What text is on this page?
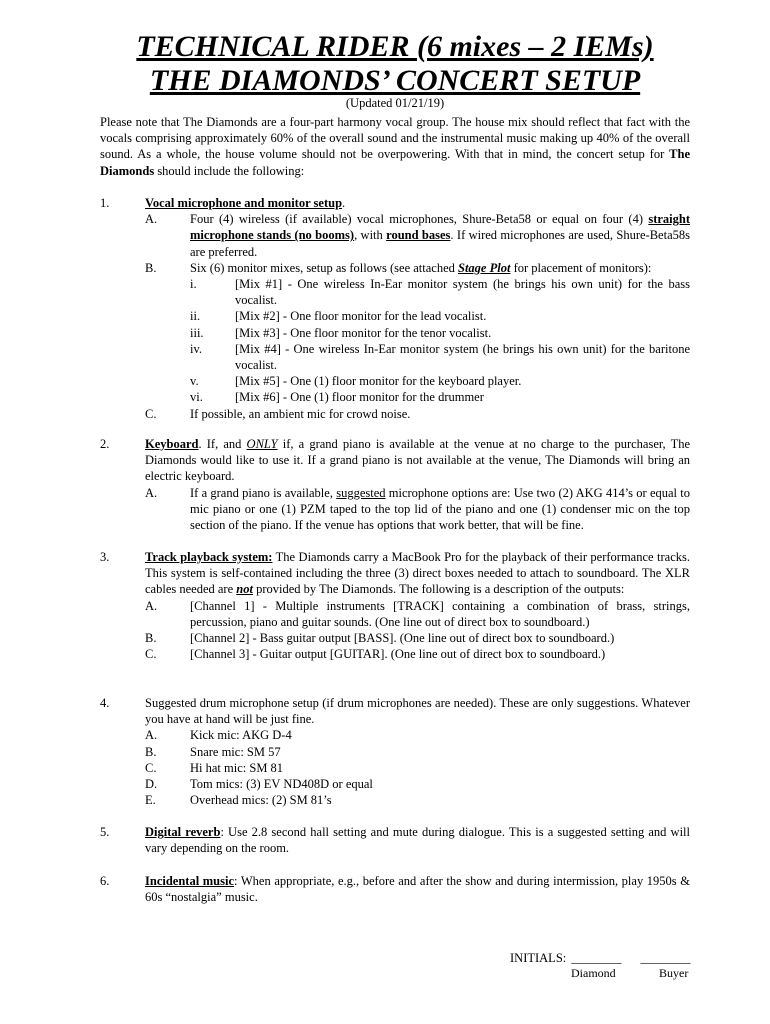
TECHNICAL RIDER (6 mixes – 2 IEMs)
THE DIAMONDS’ CONCERT SETUP
(Updated 01/21/19)

Please note that The Diamonds are a four-part harmony vocal group. The house mix should reflect that fact with the vocals comprising approximately 60% of the overall sound and the instrumental music making up 40% of the overall sound. As a whole, the house volume should not be overpowering. With that in mind, the concert setup for The Diamonds should include the following:

1.	Vocal microphone and monitor setup.
A.	Four (4) wireless (if available) vocal microphones, Shure-Beta58 or equal on four (4) straight microphone stands (no booms), with round bases. If wired microphones are used, Shure-Beta58s are preferred.
B.	Six (6) monitor mixes, setup as follows (see attached Stage Plot for placement of monitors):
i.	[Mix #1] - One wireless In-Ear monitor system (he brings his own unit) for the bass vocalist.
ii.	[Mix #2] - One floor monitor for the lead vocalist.
iii.	[Mix #3] - One floor monitor for the tenor vocalist.
iv.	[Mix #4] - One wireless In-Ear monitor system (he brings his own unit) for the baritone vocalist.
v.	[Mix #5] - One (1) floor monitor for the keyboard player.
vi.	[Mix #6] - One (1) floor monitor for the drummer
C.	If possible, an ambient mic for crowd noise.
2.	Keyboard. If, and ONLY if, a grand piano is available at the venue at no charge to the purchaser, The Diamonds would like to use it. If a grand piano is not available at the venue, The Diamonds will bring an electric keyboard.
A.	If a grand piano is available, suggested microphone options are: Use two (2) AKG 414’s or equal to mic piano or one (1) PZM taped to the top lid of the piano and one (1) condenser mic on the top section of the piano. If the venue has options that work better, that will be fine.
3.	Track playback system: The Diamonds carry a MacBook Pro for the playback of their performance tracks. This system is self-contained including the three (3) direct boxes needed to attach to soundboard. The XLR cables needed are not provided by The Diamonds. The following is a description of the outputs:
A.	[Channel 1] - Multiple instruments [TRACK] containing a combination of brass, strings, percussion, piano and guitar sounds. (One line out of direct box to soundboard.)
B.	[Channel 2] - Bass guitar output [BASS]. (One line out of direct box to soundboard.)
C.	[Channel 3] - Guitar output [GUITAR]. (One line out of direct box to soundboard.)
4.	Suggested drum microphone setup (if drum microphones are needed). These are only suggestions. Whatever you have at hand will be just fine.
A.	Kick mic: AKG D-4
B.	Snare mic: SM 57
C.	Hi hat mic: SM 81
D.	Tom mics: (3) EV ND408D or equal
E.	Overhead mics: (2) SM 81’s
5.	Digital reverb: Use 2.8 second hall setting and mute during dialogue. This is a suggested setting and will vary depending on the room.
6.	Incidental music: When appropriate, e.g., before and after the show and during intermission, play 1950s & 60s “nostalgia” music.
INITIALS: ________ ________
Diamond	Buyer
